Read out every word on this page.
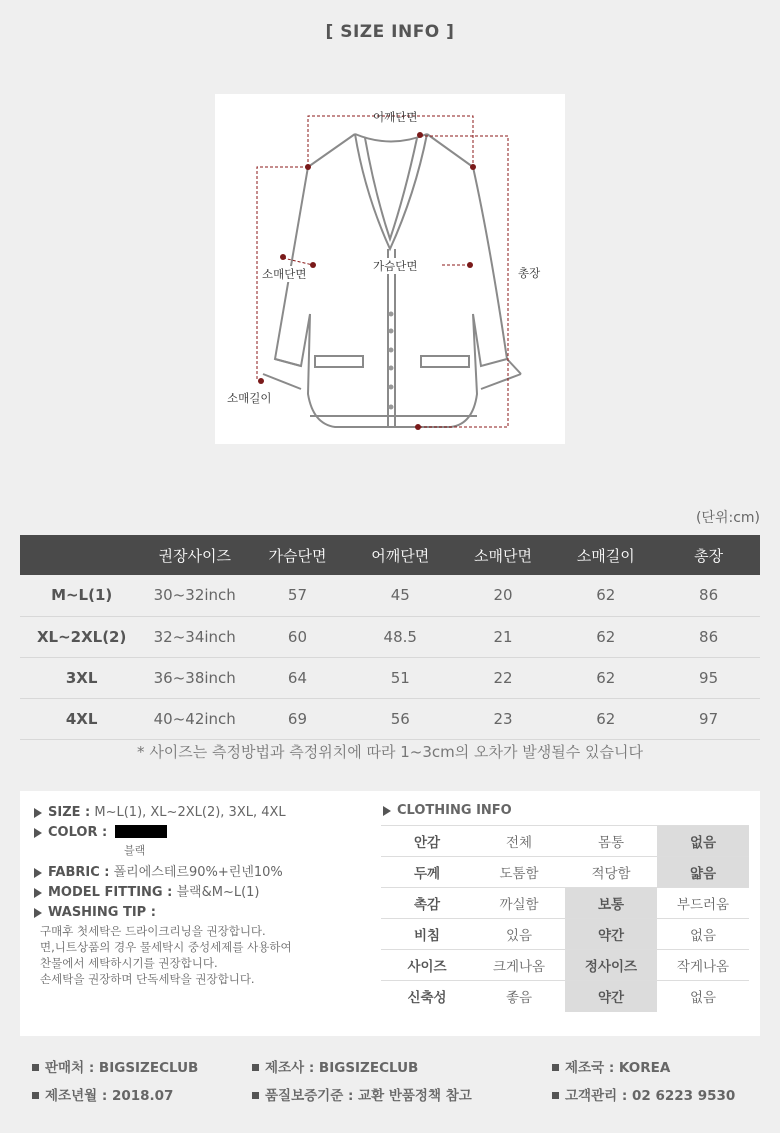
[ SIZE INFO ]
어깨단면
가슴단면
소매단면
소매길이
총장
(단위:cm)
	권장사이즈	가슴단면	어깨단면	소매단면	소매길이	총장
M~L(1)	30~32inch	57	45	20	62	86
XL~2XL(2)	32~34inch	60	48.5	21	62	86
3XL	36~38inch	64	51	22	62	95
4XL	40~42inch	69	56	23	62	97
* 사이즈는 측정방법과 측정위치에 따라 1~3cm의 오차가 발생될수 있습니다
SIZE : M~L(1), XL~2XL(2), 3XL, 4XL
COLOR :
블랙
FABRIC : 폴리에스테르90%+린넨10%
MODEL FITTING : 블랙&M~L(1)
WASHING TIP :
구매후 첫세탁은 드라이크리닝을 권장합니다.
면,니트상품의 경우 물세탁시 중성세제를 사용하여
찬물에서 세탁하시기를 권장합니다.
손세탁을 권장하며 단독세탁을 권장합니다.
CLOTHING INFO
안감	전체	몸통	없음
두께	도톰함	적당함	얇음
촉감	까실함	보통	부드러움
비침	있음	약간	없음
사이즈	크게나옴	정사이즈	작게나옴
신축성	좋음	약간	없음
판매처 : BIGSIZECLUB	제조사 : BIGSIZECLUB	제조국 : KOREA
제조년월 : 2018.07	품질보증기준 : 교환 반품정책 참고	고객관리 : 02 6223 9530
